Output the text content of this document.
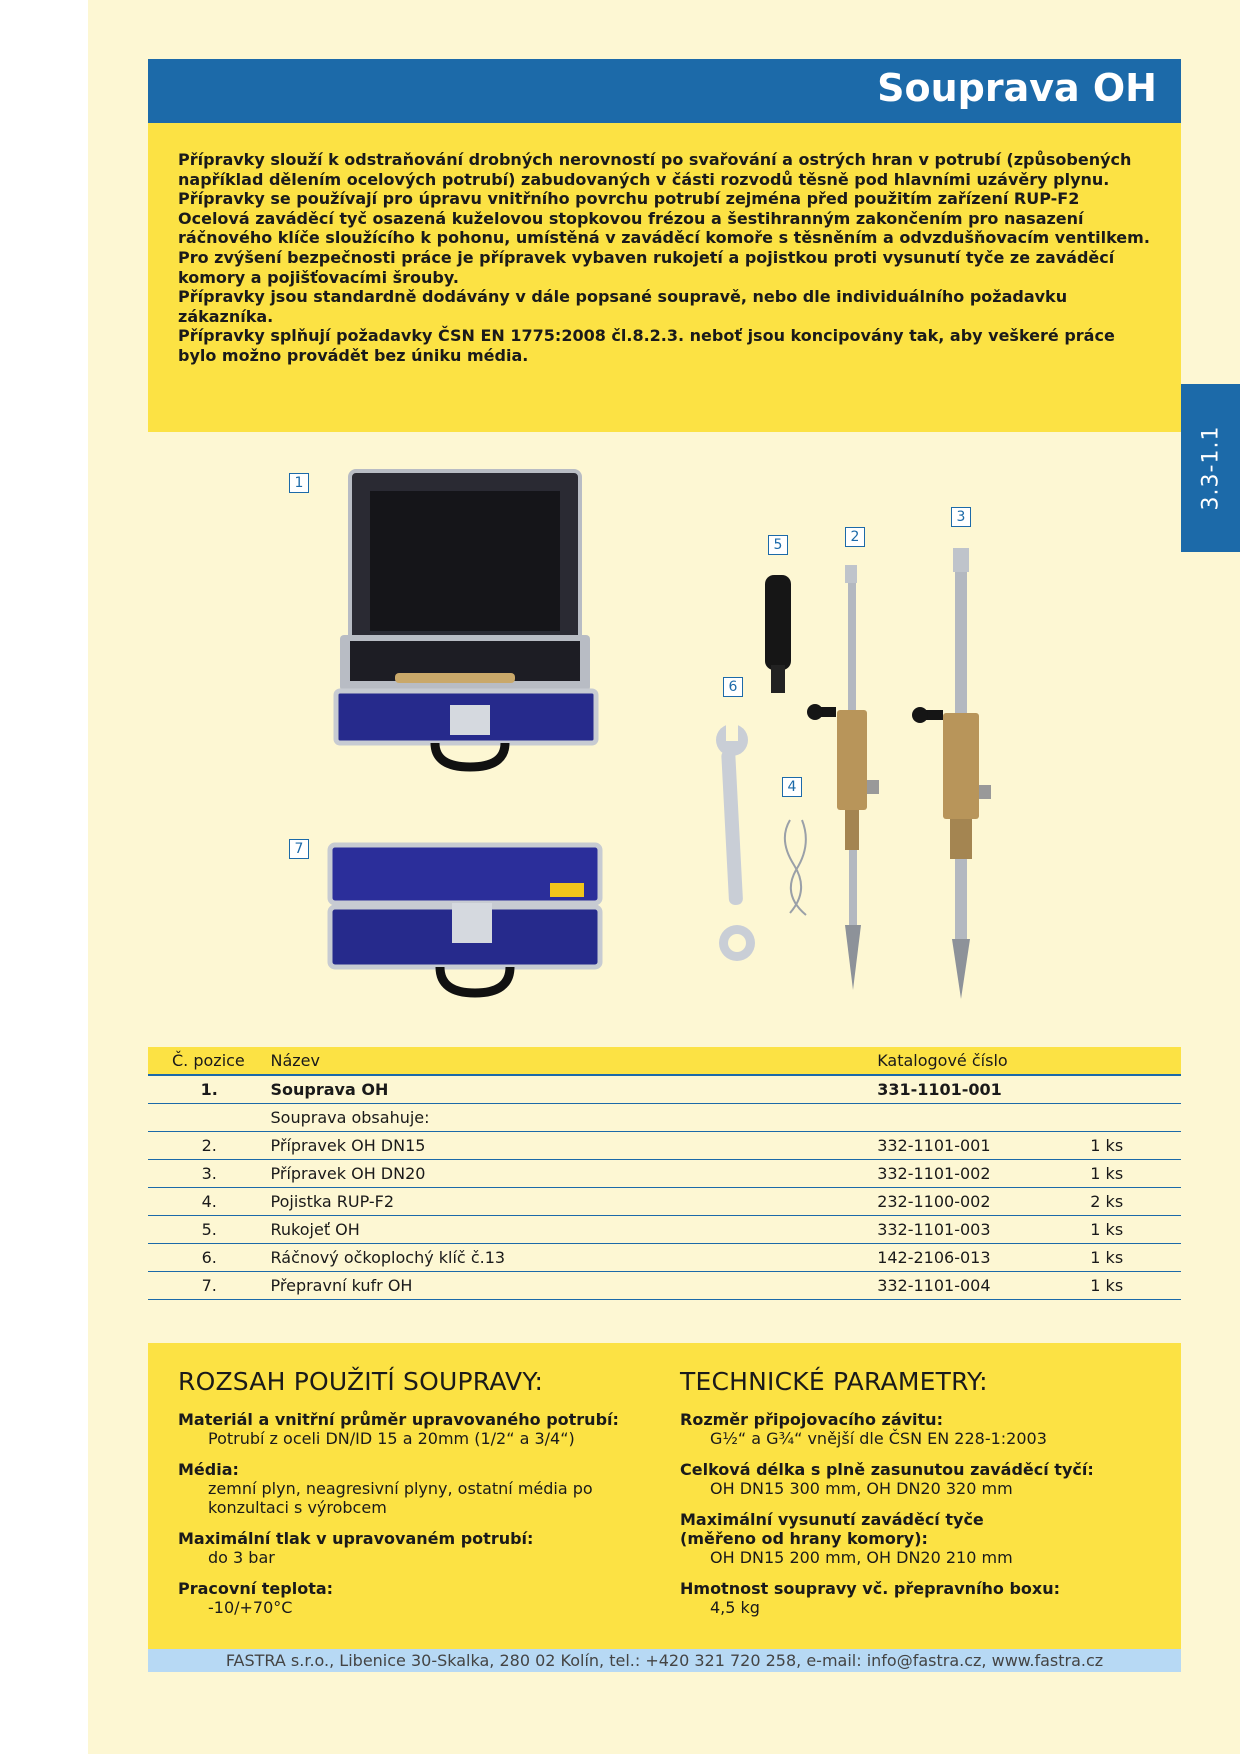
Souprava OH

Přípravky slouží k odstraňování drobných nerovností po svařování a ostrých hran v potrubí (způsobených například dělením ocelových potrubí) zabudovaných v části rozvodů těsně pod hlavními uzávěry plynu.

Přípravky se používají pro úpravu vnitřního povrchu potrubí zejména před použitím zařízení RUP-F2

Ocelová zaváděcí tyč osazená kuželovou stopkovou frézou a šestihranným zakončením pro nasazení ráčnového klíče sloužícího k pohonu, umístěná v zaváděcí komoře s těsněním a odvzdušňovacím ventilkem.

Pro zvýšení bezpečnosti práce je přípravek vybaven rukojetí a pojistkou proti vysunutí tyče ze zaváděcí komory a pojišťovacími šrouby.

Přípravky jsou standardně dodávány v dále popsané soupravě, nebo dle individuálního požadavku zákazníka.

Přípravky splňují požadavky ČSN EN 1775:2008 čl.8.2.3. neboť jsou koncipovány tak, aby veškeré práce bylo možno provádět bez úniku média.

3.3-1.1
1
2
3
4
5
6
7
Č. pozice	Název	Katalogové číslo	
1.	Souprava OH	331-1101-001	
	Souprava obsahuje:		
2.	Přípravek OH DN15	332-1101-001	1 ks
3.	Přípravek OH DN20	332-1101-002	1 ks
4.	Pojistka RUP-F2	232-1100-002	2 ks
5.	Rukojeť OH	332-1101-003	1 ks
6.	Ráčnový očkoplochý klíč č.13	142-2106-013	1 ks
7.	Přepravní kufr OH	332-1101-004	1 ks
ROZSAH POUŽITÍ SOUPRAVY:
Materiál a vnitřní průměr upravovaného potrubí:
Potrubí z oceli DN/ID 15 a 20mm (1/2“ a 3/4“)
Média:
zemní plyn, neagresivní plyny, ostatní média po konzultaci s výrobcem
Maximální tlak v upravovaném potrubí:
do 3 bar
Pracovní teplota:
-10/+70°C
TECHNICKÉ PARAMETRY:
Rozměr připojovacího závitu:
G½“ a G¾“ vnější dle ČSN EN 228-1:2003
Celková délka s plně zasunutou zaváděcí tyčí:
OH DN15 300 mm, OH DN20 320 mm
Maximální vysunutí zaváděcí tyče (měřeno od hrany komory):
OH DN15 200 mm, OH DN20 210 mm
Hmotnost soupravy vč. přepravního boxu:
4,5 kg
FASTRA s.r.o., Libenice 30-Skalka, 280 02 Kolín, tel.: +420 321 720 258, e-mail: info@fastra.cz, www.fastra.cz
